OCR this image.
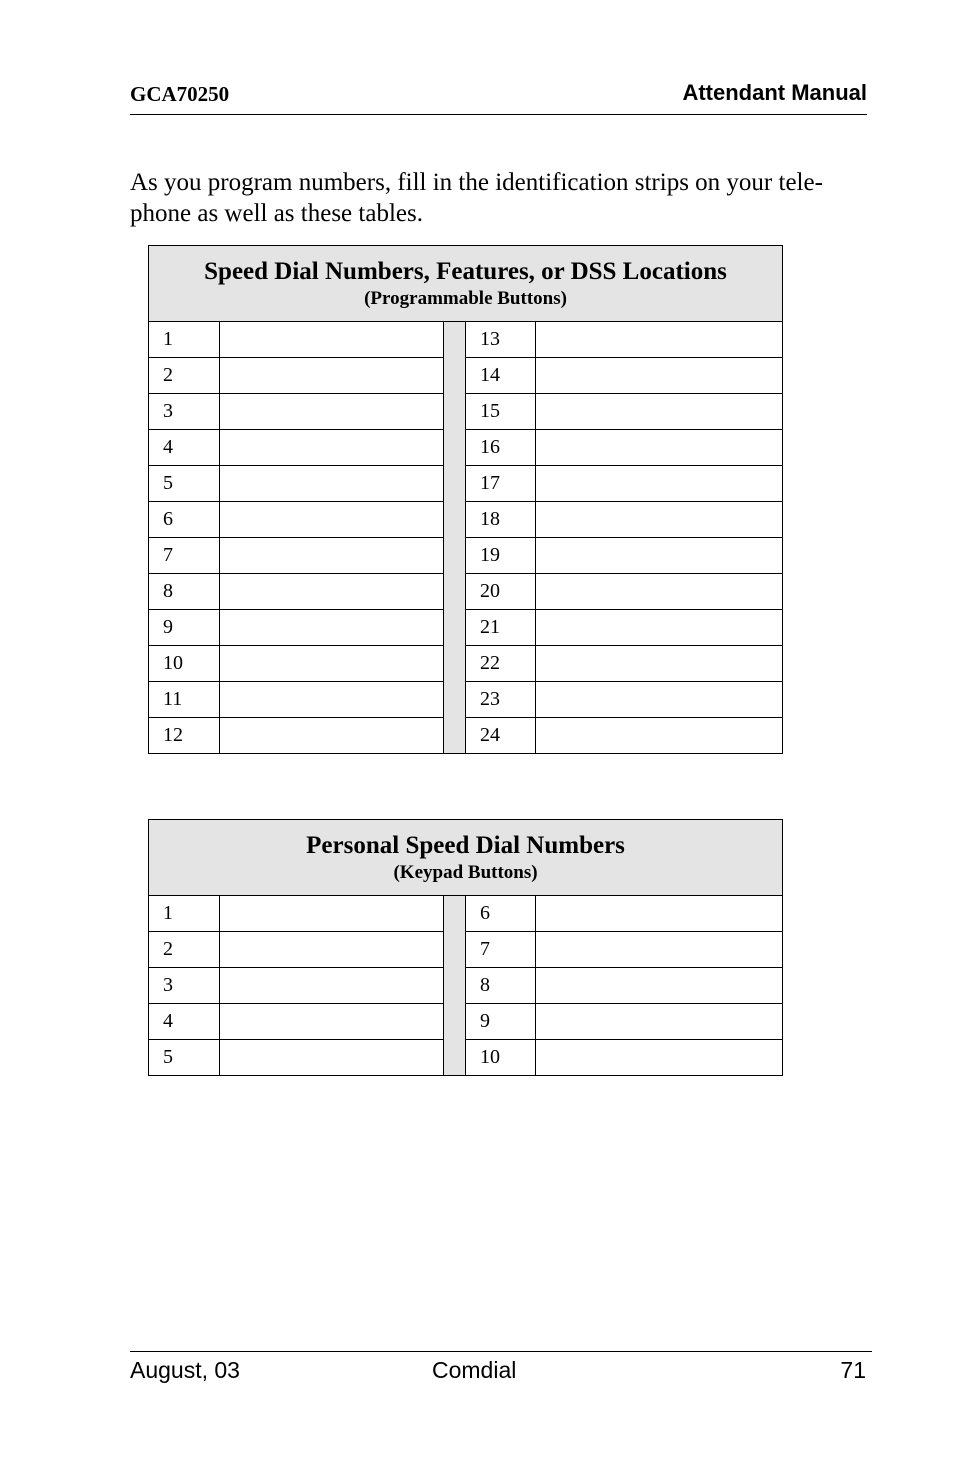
GCA70250	Attendant Manual
As you program numbers, fill in the identification strips on your tele-
phone as well as these tables.
Speed Dial Numbers, Features, or DSS Locations
(Programmable Buttons)				

1			13	
2			14	
3			15	
4			16	
5			17	
6			18	
7			19	
8			20	
9			21	
10			22	
11			23	
12			24	
Personal Speed Dial Numbers
(Keypad Buttons)				

1			6	
2			7	
3			8	
4			9	
5			10	
August, 03	Comdial	71
